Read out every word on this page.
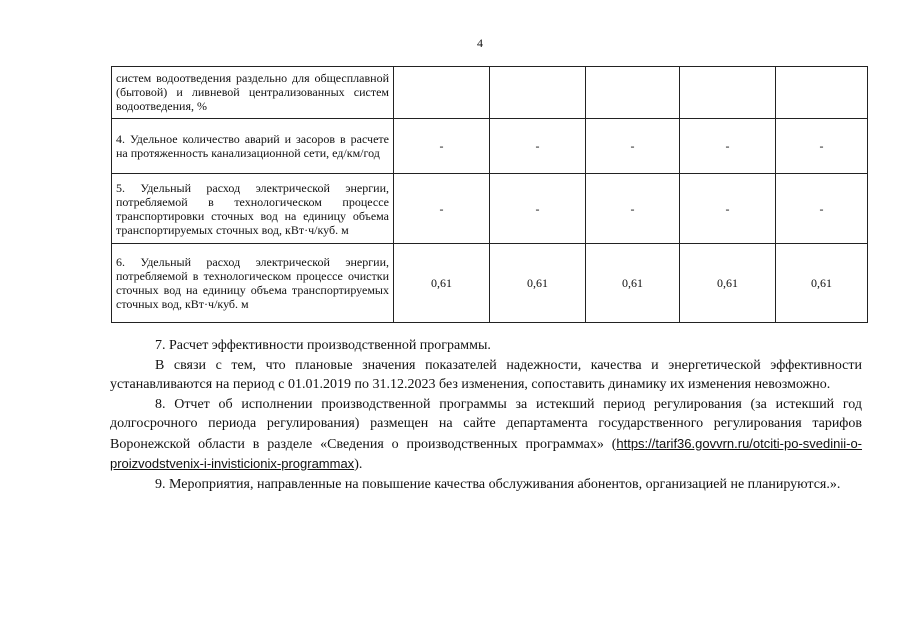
4
систем водоотведения раздельно для общесплавной (бытовой) и ливневой централизованных систем водоотведения, %					
4. Удельное количество аварий и засоров в расчете на протяженность канализационной сети, ед/км/год	-	-	-	-	-
5. Удельный расход электрической энергии, потребляемой в технологическом процессе транспортировки сточных вод на единицу объема транспортируемых сточных вод, кВт·ч/куб. м	-	-	-	-	-
6. Удельный расход электрической энергии, потребляемой в технологическом процессе очистки сточных вод на единицу объема транспортируемых сточных вод, кВт·ч/куб. м	0,61	0,61	0,61	0,61	0,61

7. Расчет эффективности производственной программы.

В связи с тем, что плановые значения показателей надежности, качества и энергетической эффективности устанавливаются на период с 01.01.2019 по 31.12.2023 без изменения, сопоставить динамику их изменения невозможно.

8. Отчет об исполнении производственной программы за истекший период регулирования (за истекший год долгосрочного периода регулирования) размещен на сайте департамента государственного регулирования тарифов Воронежской области в разделе «Сведения о производственных программах» (https://tarif36.govvrn.ru/otciti-po-svedinii-o-proizvodstvenix-i-invisticionix-programmax).

9. Мероприятия, направленные на повышение качества обслуживания абонентов, организацией не планируются.».
